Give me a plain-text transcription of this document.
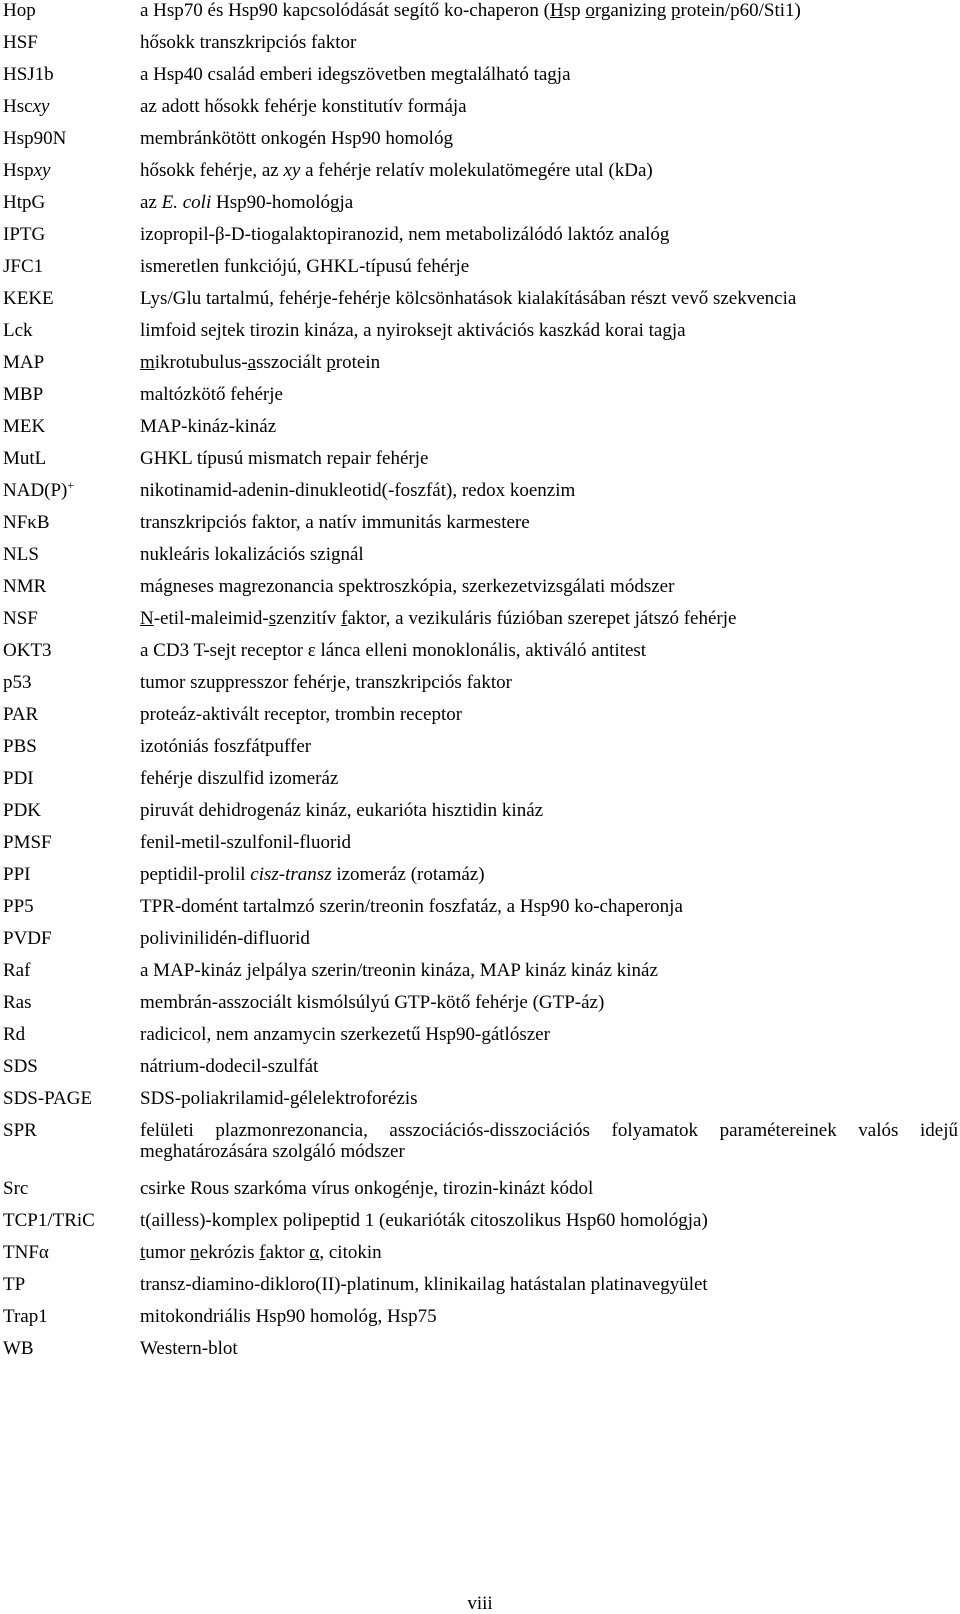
Hop	a Hsp70 és Hsp90 kapcsolódását segítő ko-chaperon (Hsp organizing protein/p60/Sti1)
HSF	hősokk transzkripciós faktor
HSJ1b	a Hsp40 család emberi idegszövetben megtalálható tagja
Hscxy	az adott hősokk fehérje konstitutív formája
Hsp90N	membránkötött onkogén Hsp90 homológ
Hspxy	hősokk fehérje, az xy a fehérje relatív molekulatömegére utal (kDa)
HtpG	az E. coli Hsp90-homológja
IPTG	izopropil-β-D-tiogalaktopiranozid, nem metabolizálódó laktóz analóg
JFC1	ismeretlen funkciójú, GHKL-típusú fehérje
KEKE	Lys/Glu tartalmú, fehérje-fehérje kölcsönhatások kialakításában részt vevő szekvencia
Lck	limfoid sejtek tirozin kináza, a nyiroksejt aktivációs kaszkád korai tagja
MAP	mikrotubulus-asszociált protein
MBP	maltózkötő fehérje
MEK	MAP-kináz-kináz
MutL	GHKL típusú mismatch repair fehérje
NAD(P)+	nikotinamid-adenin-dinukleotid(-foszfát), redox koenzim
NFκB	transzkripciós faktor, a natív immunitás karmestere
NLS	nukleáris lokalizációs szignál
NMR	mágneses magrezonancia spektroszkópia, szerkezetvizsgálati módszer
NSF	N-etil-maleimid-szenzitív faktor, a vezikuláris fúzióban szerepet játszó fehérje
OKT3	a CD3 T-sejt receptor ε lánca elleni monoklonális, aktiváló antitest
p53	tumor szuppresszor fehérje, transzkripciós faktor
PAR	proteáz-aktivált receptor, trombin receptor
PBS	izotóniás foszfátpuffer
PDI	fehérje diszulfid izomeráz
PDK	piruvát dehidrogenáz kináz, eukarióta hisztidin kináz
PMSF	fenil-metil-szulfonil-fluorid
PPI	peptidil-prolil cisz-transz izomeráz (rotamáz)
PP5	TPR-domént tartalmzó szerin/treonin foszfatáz, a Hsp90 ko-chaperonja
PVDF	polivinilidén-difluorid
Raf	a MAP-kináz jelpálya szerin/treonin kináza, MAP kináz kináz kináz
Ras	membrán-asszociált kismólsúlyú GTP-kötő fehérje (GTP-áz)
Rd	radicicol, nem anzamycin szerkezetű Hsp90-gátlószer
SDS	nátrium-dodecil-szulfát
SDS-PAGE	SDS-poliakrilamid-gélelektroforézis
SPR	felületi plazmonrezonancia, asszociációs-disszociációs folyamatok paramétereinek valós idejű meghatározására szolgáló módszer
Src	csirke Rous szarkóma vírus onkogénje, tirozin-kinázt kódol
TCP1/TRiC	t(ailless)-komplex polipeptid 1 (eukarióták citoszolikus Hsp60 homológja)
TNFα	tumor nekrózis faktor α, citokin
TP	transz-diamino-dikloro(II)-platinum, klinikailag hatástalan platinavegyület
Trap1	mitokondriális Hsp90 homológ, Hsp75
WB	Western-blot
viii
